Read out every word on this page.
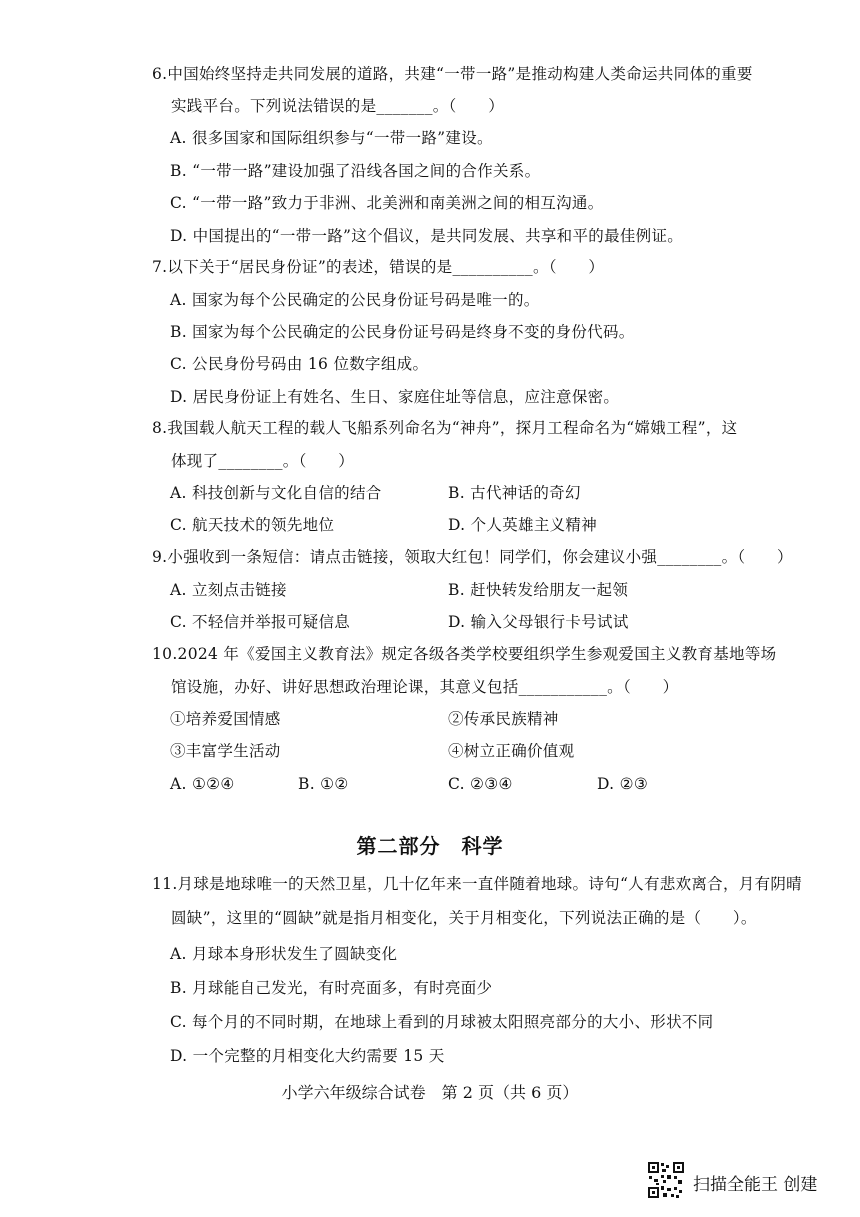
6.中国始终坚持走共同发展的道路，共建“一带一路”是推动构建人类命运共同体的重要
实践平台。下列说法错误的是_______。（　　）
A. 很多国家和国际组织参与“一带一路”建设。
B. “一带一路”建设加强了沿线各国之间的合作关系。
C. “一带一路”致力于非洲、北美洲和南美洲之间的相互沟通。
D. 中国提出的“一带一路”这个倡议，是共同发展、共享和平的最佳例证。
7.以下关于“居民身份证”的表述，错误的是__________。（　　）
A. 国家为每个公民确定的公民身份证号码是唯一的。
B. 国家为每个公民确定的公民身份证号码是终身不变的身份代码。
C. 公民身份号码由 16 位数字组成。
D. 居民身份证上有姓名、生日、家庭住址等信息，应注意保密。
8.我国载人航天工程的载人飞船系列命名为“神舟”，探月工程命名为“嫦娥工程”，这
体现了________。（　　）
A. 科技创新与文化自信的结合	B. 古代神话的奇幻
C. 航天技术的领先地位	D. 个人英雄主义精神
9.小强收到一条短信：请点击链接，领取大红包！同学们，你会建议小强________。（　　）
A. 立刻点击链接	B. 赶快转发给朋友一起领
C. 不轻信并举报可疑信息	D. 输入父母银行卡号试试
10.2024 年《爱国主义教育法》规定各级各类学校要组织学生参观爱国主义教育基地等场
馆设施，办好、讲好思想政治理论课，其意义包括___________。（　　）
①培养爱国情感	②传承民族精神
③丰富学生活动	④树立正确价值观
A. ①②④	B. ①②	C. ②③④	D. ②③
第二部分　科学
11.月球是地球唯一的天然卫星，几十亿年来一直伴随着地球。诗句“人有悲欢离合，月有阴晴
圆缺”，这里的“圆缺”就是指月相变化，关于月相变化，下列说法正确的是（　　）。
A. 月球本身形状发生了圆缺变化
B. 月球能自己发光，有时亮面多，有时亮面少
C. 每个月的不同时期，在地球上看到的月球被太阳照亮部分的大小、形状不同
D. 一个完整的月相变化大约需要 15 天
小学六年级综合试卷　第 2 页（共 6 页）
扫描全能王 创建
